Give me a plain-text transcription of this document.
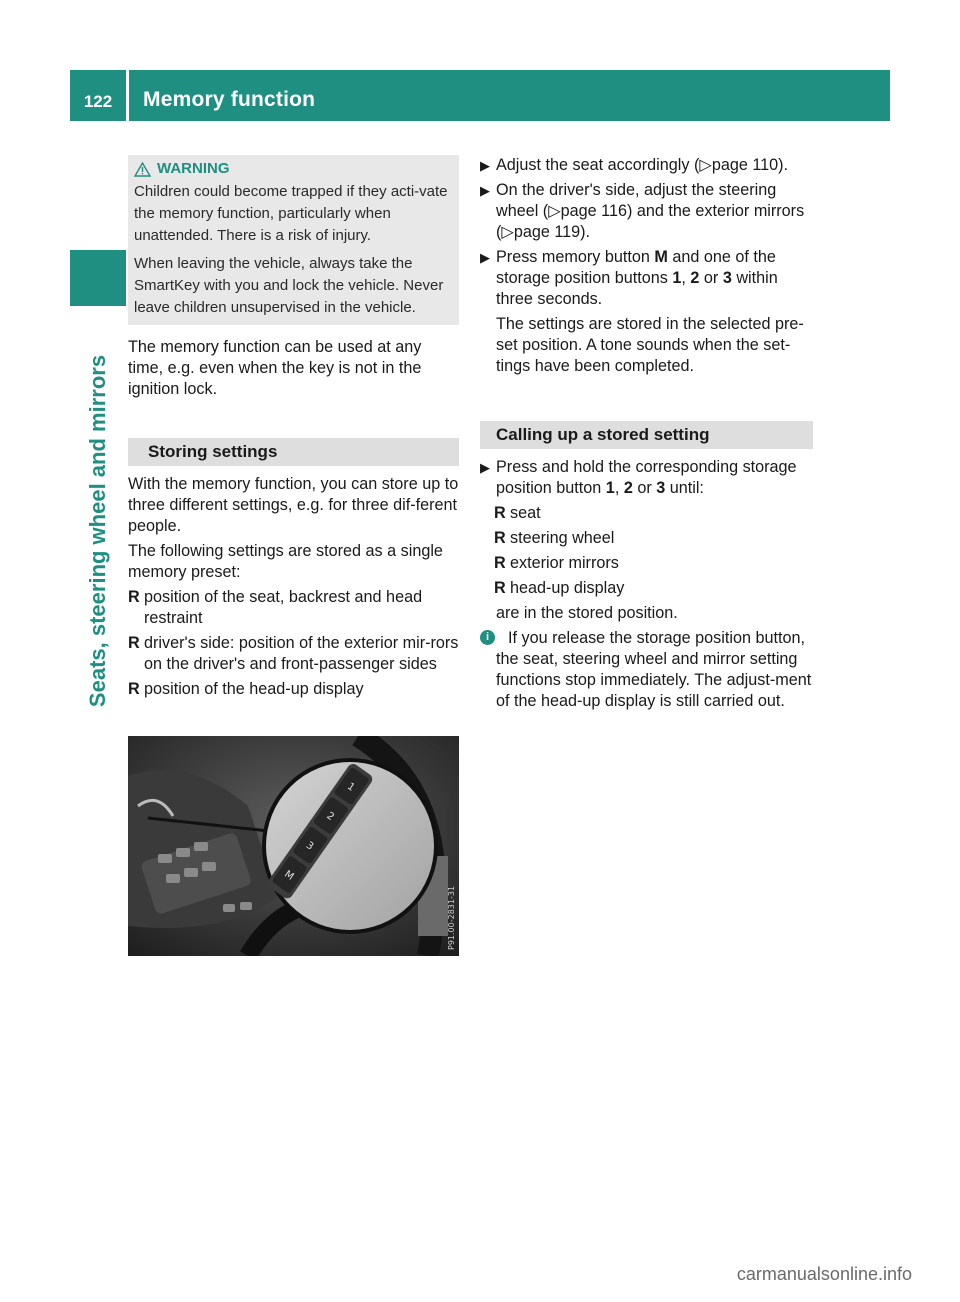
122	Memory function
Seats, steering wheel and mirrors
WARNING

Children could become trapped if they acti-vate the memory function, particularly when unattended. There is a risk of injury.

When leaving the vehicle, always take the SmartKey with you and lock the vehicle. Never leave children unsupervised in the vehicle.

The memory function can be used at any time, e.g. even when the key is not in the ignition lock.

Storing settings

With the memory function, you can store up to three different settings, e.g. for three dif-ferent people.

The following settings are stored as a single memory preset:

R position of the seat, backrest and head restraint
R driver's side: position of the exterior mir-rors on the driver's and front-passenger sides
R position of the head-up display
1
2
3
M
P91.00-2831-31
▶ Adjust the seat accordingly (▷page 110).
▶ On the driver's side, adjust the steering wheel (▷page 116) and the exterior mirrors (▷page 119).
▶ Press memory button M and one of the storage position buttons 1, 2 or 3 within three seconds.
The settings are stored in the selected pre-set position. A tone sounds when the set-tings have been completed.
Calling up a stored setting
▶ Press and hold the corresponding storage position button 1, 2 or 3 until:
R seat
R steering wheel
R exterior mirrors
R head-up display
are in the stored position.
i	If you release the storage position button, the seat, steering wheel and mirror setting functions stop immediately. The adjust-ment of the head-up display is still carried out.
carmanualsonline.info
